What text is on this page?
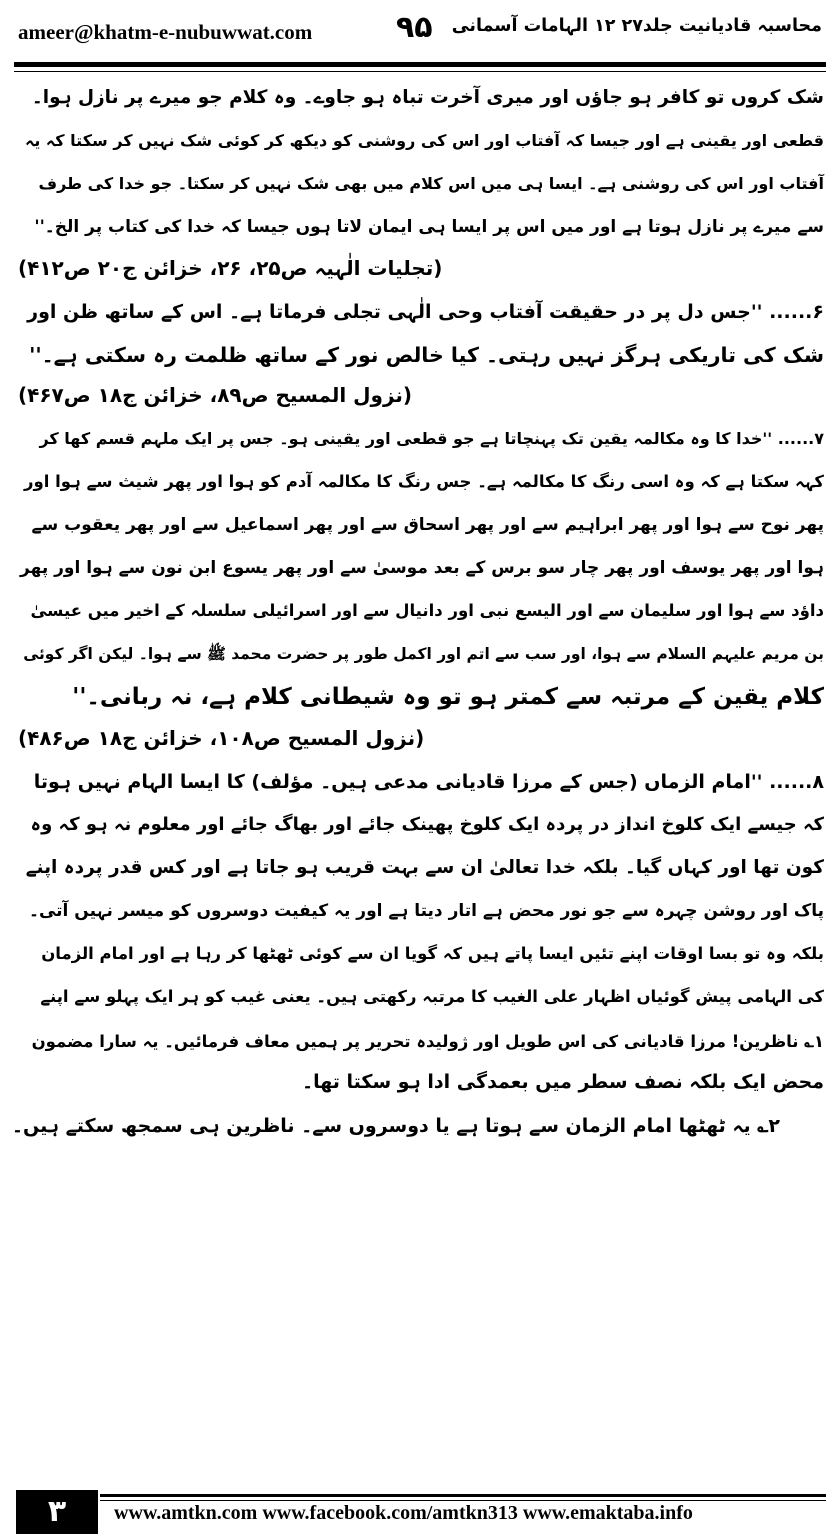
ameer@khatm-e-nubuwwat.com	۹۵ محاسبہ قادیانیت جلد۲۷ ۱۲ الہامات آسمانی
شک کروں تو کافر ہو جاؤں اور میری آخرت تباہ ہو جاوے۔ وہ کلام جو میرے پر نازل ہوا۔
قطعی اور یقینی ہے اور جیسا کہ آفتاب اور اس کی روشنی کو دیکھ کر کوئی شک نہیں کر سکتا کہ یہ
آفتاب اور اس کی روشنی ہے۔ ایسا ہی میں اس کلام میں بھی شک نہیں کر سکتا۔ جو خدا کی طرف
سے میرے پر نازل ہوتا ہے اور میں اس پر ایسا ہی ایمان لاتا ہوں جیسا کہ خدا کی کتاب پر الخ۔''
(تجلیات الٰہیہ ص۲۵، ۲۶، خزائن ج۲۰ ص۴۱۲)
۶...... ''جس دل پر در حقیقت آفتاب وحی الٰہی تجلی فرماتا ہے۔ اس کے ساتھ ظن اور
شک کی تاریکی ہرگز نہیں رہتی۔ کیا خالص نور کے ساتھ ظلمت رہ سکتی ہے۔''
(نزول المسیح ص۸۹، خزائن ج۱۸ ص۴۶۷)
۷...... ''خدا کا وہ مکالمہ یقین تک پہنچاتا ہے جو قطعی اور یقینی ہو۔ جس پر ایک ملہم قسم کھا کر
کہہ سکتا ہے کہ وہ اسی رنگ کا مکالمہ ہے۔ جس رنگ کا مکالمہ آدم کو ہوا اور پھر شیث سے ہوا اور
پھر نوح سے ہوا اور پھر ابراہیم سے اور پھر اسحاق سے اور پھر اسماعیل سے اور پھر یعقوب سے
ہوا اور پھر یوسف اور پھر چار سو برس کے بعد موسیٰ سے اور پھر یسوع ابن نون سے ہوا اور پھر
داؤد سے ہوا اور سلیمان سے اور الیسع نبی اور دانیال سے اور اسرائیلی سلسلہ کے اخیر میں عیسیٰ
بن مریم علیہم السلام سے ہوا، اور سب سے اتم اور اکمل طور پر حضرت محمد ﷺ سے ہوا۔ لیکن اگر کوئی
کلام یقین کے مرتبہ سے کمتر ہو تو وہ شیطانی کلام ہے، نہ ربانی۔''
(نزول المسیح ص۱۰۸، خزائن ج۱۸ ص۴۸۶)
۸...... ''امام الزماں (جس کے مرزا قادیانی مدعی ہیں۔ مؤلف) کا ایسا الہام نہیں ہوتا
کہ جیسے ایک کلوخ انداز در پردہ ایک کلوخ پھینک جائے اور بھاگ جائے اور معلوم نہ ہو کہ وہ
کون تھا اور کہاں گیا۔ بلکہ خدا تعالیٰ ان سے بہت قریب ہو جاتا ہے اور کس قدر پردہ اپنے
پاک اور روشن چہرہ سے جو نور محض ہے اتار دیتا ہے اور یہ کیفیت دوسروں کو میسر نہیں آتی۔
بلکہ وہ تو بسا اوقات اپنے تئیں ایسا پاتے ہیں کہ گویا ان سے کوئی ٹھٹھا کر رہا ہے اور امام الزمان
کی الہامی پیش گوئیاں اظہار علی الغیب کا مرتبہ رکھتی ہیں۔ یعنی غیب کو ہر ایک پہلو سے اپنے
۱؎ ناظرین! مرزا قادیانی کی اس طویل اور ژولیدہ تحریر پر ہمیں معاف فرمائیں۔ یہ سارا مضمون
محض ایک بلکہ نصف سطر میں بعمدگی ادا ہو سکتا تھا۔
۲؎ یہ ٹھٹھا امام الزمان سے ہوتا ہے یا دوسروں سے۔ ناظرین ہی سمجھ سکتے ہیں۔
۳	www.amtkn.com www.facebook.com/amtkn313 www.emaktaba.info
